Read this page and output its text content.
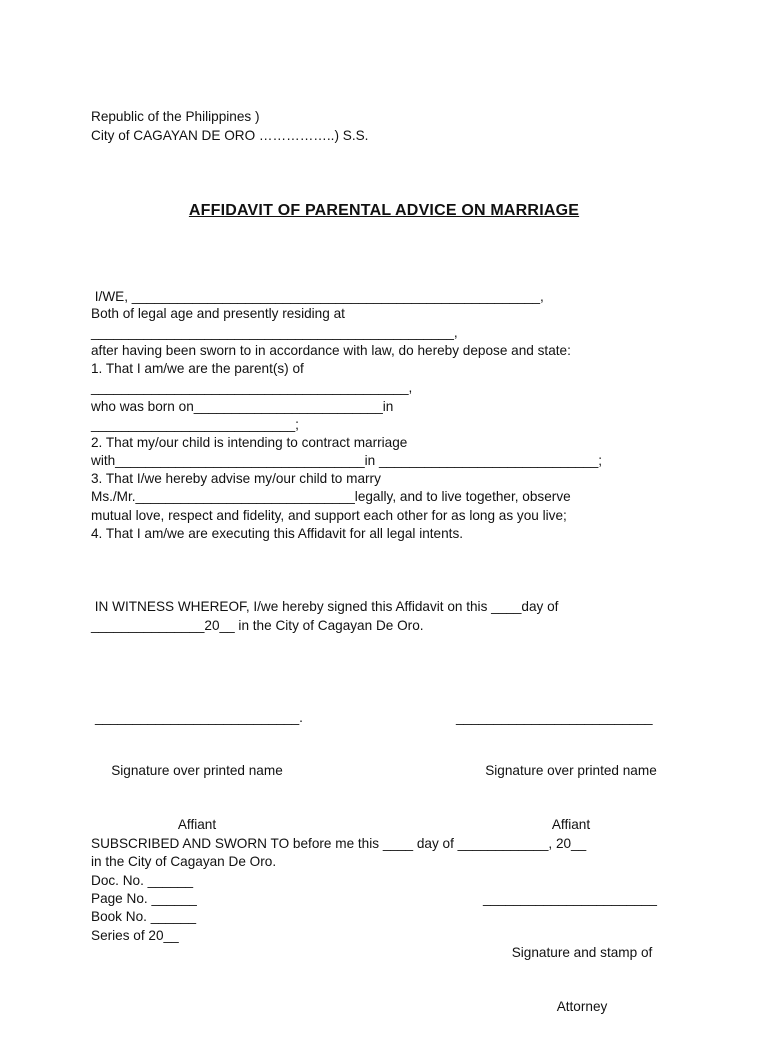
Republic of the Philippines )

City of CAGAYAN DE ORO ……………..) S.S.

AFFIDAVIT OF PARENTAL ADVICE ON MARRIAGE

I/WE, ______________________________________________________,

Both of legal age and presently residing at

________________________________________________,

after having been sworn to in accordance with law, do hereby depose and state:

1. That I am/we are the parent(s) of

__________________________________________,

who was born on_________________________in

___________________________;

2. That my/our child is intending to contract marriage

with_________________________________in _____________________________;

3. That I/we hereby advise my/our child to marry

Ms./Mr._____________________________legally, and to live together, observe

mutual love, respect and fidelity, and support each other for as long as you live;

4. That I am/we are executing this Affidavit for all legal intents.

IN WITNESS WHEREOF, I/we hereby signed this Affidavit on this ____day of

_______________20__ in the City of Cagayan De Oro.

___________________________.

Signature over printed name

Affiant

__________________________

Signature over printed name

Affiant

SUBSCRIBED AND SWORN TO before me this ____ day of ____________, 20__

in the City of Cagayan De Oro.

Doc. No. ______

Page No. ______

Book No. ______

Series of 20__

_______________________

Signature and stamp of

Attorney
